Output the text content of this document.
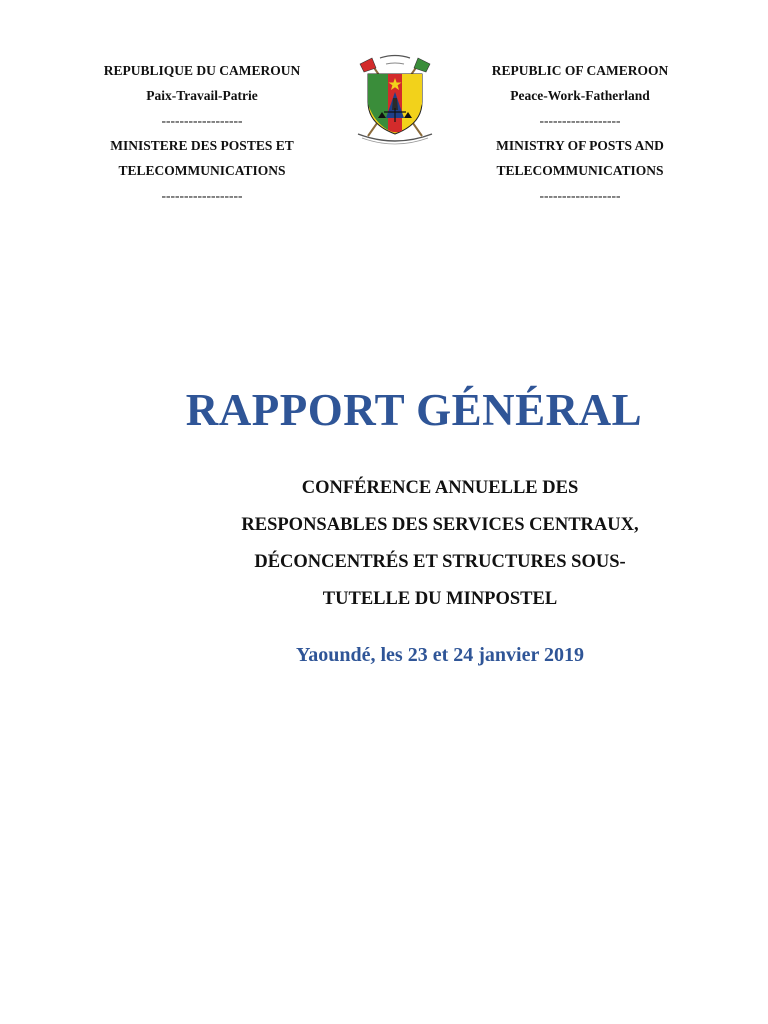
REPUBLIQUE DU CAMEROUN
Paix-Travail-Patrie
------------------
MINISTERE DES POSTES ET
TELECOMMUNICATIONS
------------------
REPUBLIC OF CAMEROON
Peace-Work-Fatherland
------------------
MINISTRY OF POSTS AND
TELECOMMUNICATIONS
------------------
RAPPORT GÉNÉRAL
CONFÉRENCE ANNUELLE DES
RESPONSABLES DES SERVICES CENTRAUX,
DÉCONCENTRÉS ET STRUCTURES SOUS-
TUTELLE DU MINPOSTEL
Yaoundé, les 23 et 24 janvier 2019
